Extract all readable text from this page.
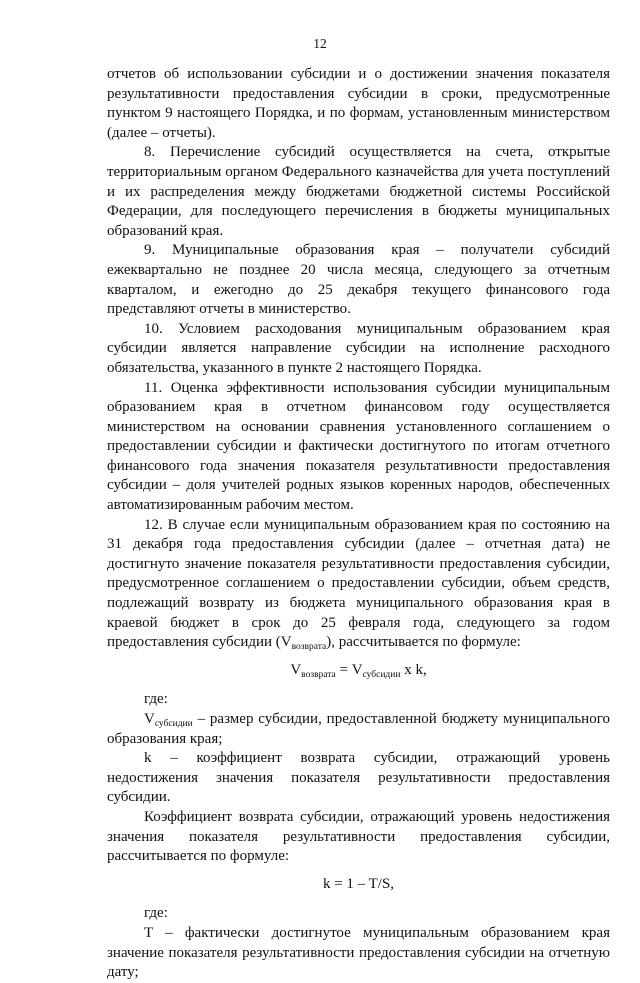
12

отчетов об использовании субсидии и о достижении значения показателя результативности предоставления субсидии в сроки, предусмотренные пунктом 9 настоящего Порядка, и по формам, установленным министерством (далее – отчеты).

8. Перечисление субсидий осуществляется на счета, открытые территориальным органом Федерального казначейства для учета поступлений и их распределения между бюджетами бюджетной системы Российской Федерации, для последующего перечисления в бюджеты муниципальных образований края.

9. Муниципальные образования края – получатели субсидий ежеквартально не позднее 20 числа месяца, следующего за отчетным кварталом, и ежегодно до 25 декабря текущего финансового года представляют отчеты в министерство.

10. Условием расходования муниципальным образованием края субсидии является направление субсидии на исполнение расходного обязательства, указанного в пункте 2 настоящего Порядка.

11. Оценка эффективности использования субсидии муниципальным образованием края в отчетном финансовом году осуществляется министерством на основании сравнения установленного соглашением о предоставлении субсидии и фактически достигнутого по итогам отчетного финансового года значения показателя результативности предоставления субсидии – доля учителей родных языков коренных народов, обеспеченных автоматизированным рабочим местом.

12. В случае если муниципальным образованием края по состоянию на 31 декабря года предоставления субсидии (далее – отчетная дата) не достигнуто значение показателя результативности предоставления субсидии, предусмотренное соглашением о предоставлении субсидии, объем средств, подлежащий возврату из бюджета муниципального образования края в краевой бюджет в срок до 25 февраля года, следующего за годом предоставления субсидии $(V_{возврата})$, рассчитывается по формуле:

$V_{возврата} = V_{субсидии}$ x k,

где:

$V_{субсидии}$ – размер субсидии, предоставленной бюджету муниципального образования края;

k – коэффициент возврата субсидии, отражающий уровень недостижения значения показателя результативности предоставления субсидии.

Коэффициент возврата субсидии, отражающий уровень недостижения значения показателя результативности предоставления субсидии, рассчитывается по формуле:

k = 1 – T/S,

где:

T – фактически достигнутое муниципальным образованием края значение показателя результативности предоставления субсидии на отчетную дату;
